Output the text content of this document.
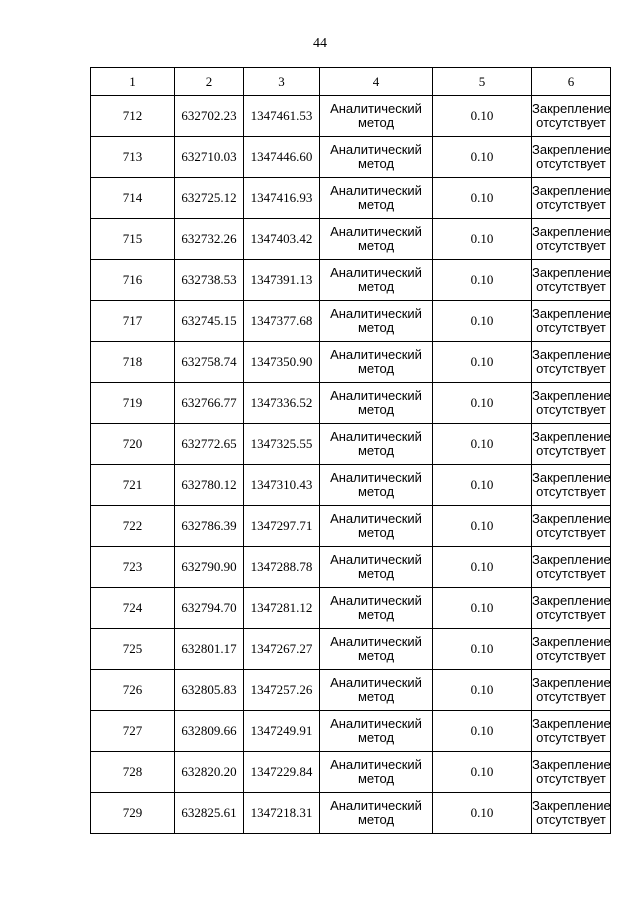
44
1	2	3	4	5	6
712	632702.23	1347461.53	Аналитический метод	0.10	Закрепление отсутствует
713	632710.03	1347446.60	Аналитический метод	0.10	Закрепление отсутствует
714	632725.12	1347416.93	Аналитический метод	0.10	Закрепление отсутствует
715	632732.26	1347403.42	Аналитический метод	0.10	Закрепление отсутствует
716	632738.53	1347391.13	Аналитический метод	0.10	Закрепление отсутствует
717	632745.15	1347377.68	Аналитический метод	0.10	Закрепление отсутствует
718	632758.74	1347350.90	Аналитический метод	0.10	Закрепление отсутствует
719	632766.77	1347336.52	Аналитический метод	0.10	Закрепление отсутствует
720	632772.65	1347325.55	Аналитический метод	0.10	Закрепление отсутствует
721	632780.12	1347310.43	Аналитический метод	0.10	Закрепление отсутствует
722	632786.39	1347297.71	Аналитический метод	0.10	Закрепление отсутствует
723	632790.90	1347288.78	Аналитический метод	0.10	Закрепление отсутствует
724	632794.70	1347281.12	Аналитический метод	0.10	Закрепление отсутствует
725	632801.17	1347267.27	Аналитический метод	0.10	Закрепление отсутствует
726	632805.83	1347257.26	Аналитический метод	0.10	Закрепление отсутствует
727	632809.66	1347249.91	Аналитический метод	0.10	Закрепление отсутствует
728	632820.20	1347229.84	Аналитический метод	0.10	Закрепление отсутствует
729	632825.61	1347218.31	Аналитический метод	0.10	Закрепление отсутствует
